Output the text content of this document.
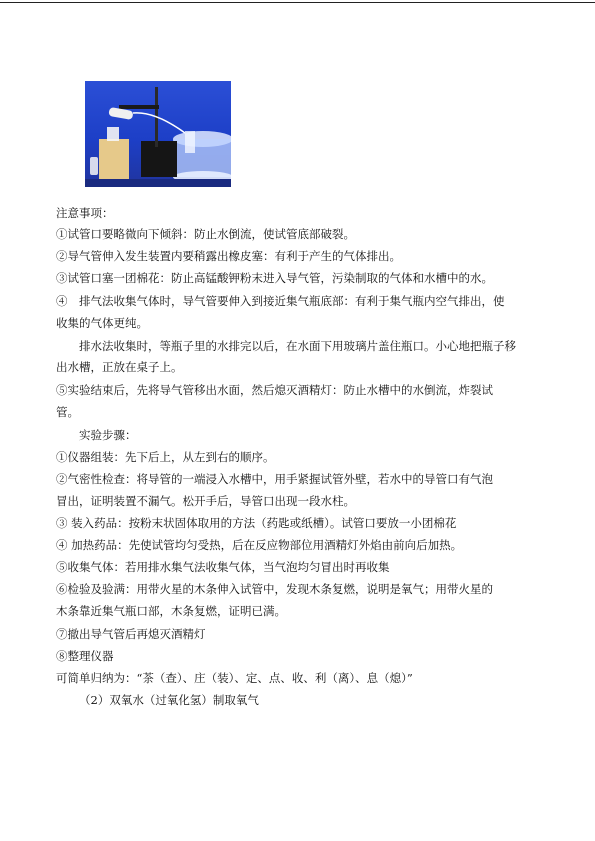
注意事项：
①试管口要略微向下倾斜：防止水倒流，使试管底部破裂。
②导气管伸入发生装置内要稍露出橡皮塞：有利于产生的气体排出。
③试管口塞一团棉花：防止高锰酸钾粉末进入导气管，污染制取的气体和水槽中的水。
④　排气法收集气体时，导气管要伸入到接近集气瓶底部：有利于集气瓶内空气排出，使
收集的气体更纯。
排水法收集时，等瓶子里的水排完以后，在水面下用玻璃片盖住瓶口。小心地把瓶子移
出水槽，正放在桌子上。
⑤实验结束后，先将导气管移出水面，然后熄灭酒精灯：防止水槽中的水倒流，炸裂试
管。
实验步骤：
①仪器组装：先下后上，从左到右的顺序。
②气密性检查：将导管的一端浸入水槽中，用手紧握试管外壁，若水中的导管口有气泡
冒出，证明装置不漏气。松开手后，导管口出现一段水柱。
③ 装入药品：按粉末状固体取用的方法（药匙或纸槽）。试管口要放一小团棉花
④ 加热药品：先使试管均匀受热，后在反应物部位用酒精灯外焰由前向后加热。
⑤收集气体：若用排水集气法收集气体，当气泡均匀冒出时再收集
⑥检验及验满：用带火星的木条伸入试管中，发现木条复燃，说明是氧气；用带火星的
木条靠近集气瓶口部，木条复燃，证明已满。
⑦撤出导气管后再熄灭酒精灯
⑧整理仪器
可简单归纳为：“茶（查）、庄（装）、定、点、收、利（离）、息（熄）”
（2）双氧水（过氧化氢）制取氧气
